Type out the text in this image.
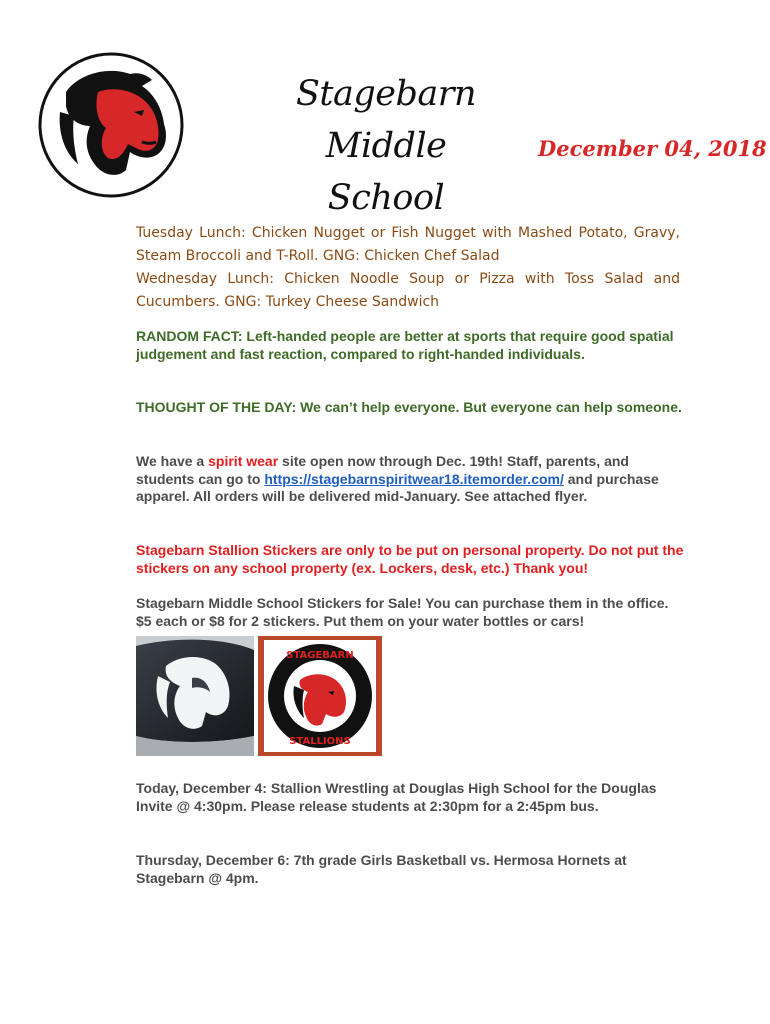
Stagebarn Middle
School
December 04, 2018

Tuesday Lunch: Chicken Nugget or Fish Nugget with Mashed Potato, Gravy, Steam Broccoli and T-Roll. GNG: Chicken Chef Salad

Wednesday Lunch: Chicken Noodle Soup or Pizza with Toss Salad and Cucumbers. GNG: Turkey Cheese Sandwich

RANDOM FACT: Left-handed people are better at sports that require good spatial judgement and fast reaction, compared to right-handed individuals.
THOUGHT OF THE DAY: We can’t help everyone. But everyone can help someone.
We have a spirit wear site open now through Dec. 19th! Staff, parents, and students can go to https://stagebarnspiritwear18.itemorder.com/ and purchase apparel. All orders will be delivered mid-January. See attached flyer.
Stagebarn Stallion Stickers are only to be put on personal property. Do not put the stickers on any school property (ex. Lockers, desk, etc.) Thank you!
Stagebarn Middle School Stickers for Sale! You can purchase them in the office. $5 each or $8 for 2 stickers. Put them on your water bottles or cars!
STAGEBARN
STALLIONS
.
Today, December 4: Stallion Wrestling at Douglas High School for the Douglas Invite @ 4:30pm. Please release students at 2:30pm for a 2:45pm bus.
Thursday, December 6: 7th grade Girls Basketball vs. Hermosa Hornets at Stagebarn @ 4pm.
